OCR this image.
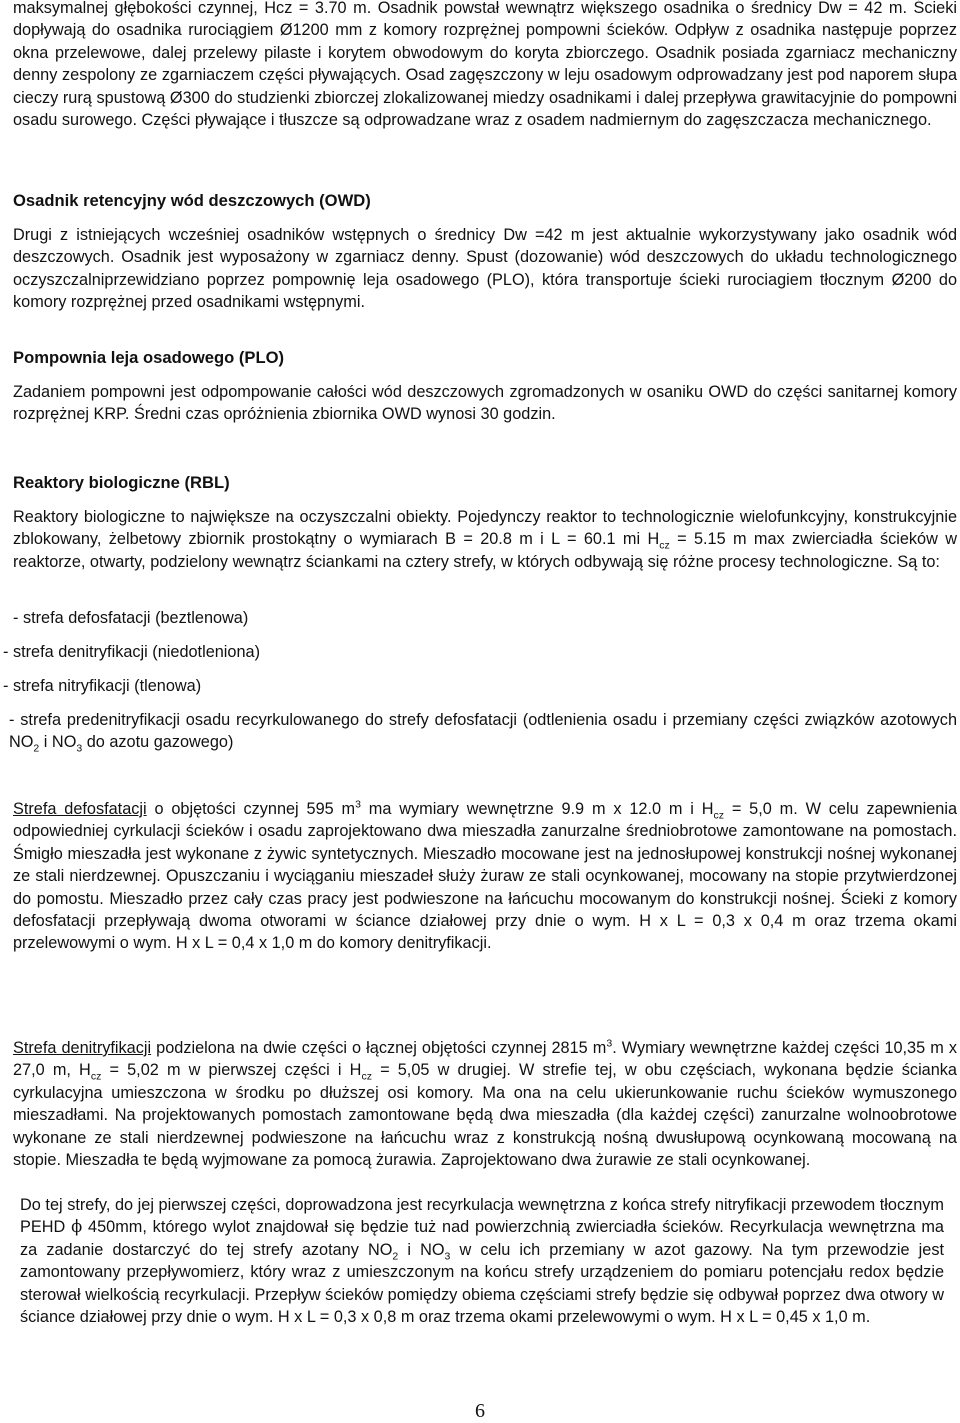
maksymalnej głębokości czynnej, Hcz = 3.70 m. Osadnik powstał wewnątrz większego osadnika o średnicy Dw = 42 m. Ścieki dopływają do osadnika rurociągiem Ø1200 mm z komory rozprężnej pompowni ścieków. Odpływ z osadnika następuje poprzez okna przelewowe, dalej przelewy pilaste i korytem obwodowym do koryta zbiorczego. Osadnik posiada zgarniacz mechaniczny denny zespolony ze zgarniaczem części pływających. Osad zagęszczony w leju osadowym odprowadzany jest pod naporem słupa cieczy rurą spustową Ø300 do studzienki zbiorczej zlokalizowanej miedzy osadnikami i dalej przepływa grawitacyjnie do pompowni osadu surowego. Części pływające i tłuszcze są odprowadzane wraz z osadem nadmiernym do zagęszczacza mechanicznego.

Osadnik retencyjny wód deszczowych (OWD)

Drugi z istniejących wcześniej osadników wstępnych o średnicy Dw =42 m jest aktualnie wykorzystywany jako osadnik wód deszczowych. Osadnik jest wyposażony w zgarniacz denny. Spust (dozowanie) wód deszczowych do układu technologicznego oczyszczalniprzewidziano poprzez pompownię leja osadowego (PLO), która transportuje ścieki rurociagiem tłocznym Ø200 do komory rozprężnej przed osadnikami wstępnymi.

Pompownia leja osadowego (PLO)

Zadaniem pompowni jest odpompowanie całości wód deszczowych zgromadzonych w osaniku OWD do części sanitarnej komory rozprężnej KRP. Średni czas opróżnienia zbiornika OWD wynosi 30 godzin.

Reaktory biologiczne (RBL)

Reaktory biologiczne to największe na oczyszczalni obiekty. Pojedynczy reaktor to technologicznie wielofunkcyjny, konstrukcyjnie zblokowany, żelbetowy zbiornik prostokątny o wymiarach B = 20.8 m i L = 60.1 mi $H_{cz} = 5.15$ m max zwierciadła ścieków w reaktorze, otwarty, podzielony wewnątrz ściankami na cztery strefy, w których odbywają się różne procesy technologiczne. Są to:

- strefa defosfatacji (beztlenowa)

- strefa denitryfikacji (niedotleniona)

- strefa nitryfikacji (tlenowa)

- strefa predenitryfikacji osadu recyrkulowanego do strefy defosfatacji (odtlenienia osadu i przemiany części związków azotowych $NO_2$ i $NO_3$ do azotu gazowego)

Strefa defosfatacji o objętości czynnej 595 $m^3$ ma wymiary wewnętrzne 9.9 m x 12.0 m i $H_{cz} = 5,0$ m. W celu zapewnienia odpowiedniej cyrkulacji ścieków i osadu zaprojektowano dwa mieszadła zanurzalne średniobrotowe zamontowane na pomostach. Śmigło mieszadła jest wykonane z żywic syntetycznych. Mieszadło mocowane jest na jednosłupowej konstrukcji nośnej wykonanej ze stali nierdzewnej. Opuszczaniu i wyciąganiu mieszadeł służy żuraw ze stali ocynkowanej, mocowany na stopie przytwierdzonej do pomostu. Mieszadło przez cały czas pracy jest podwieszone na łańcuchu mocowanym do konstrukcji nośnej. Ścieki z komory defosfatacji przepływają dwoma otworami w ściance działowej przy dnie o wym. H x L = 0,3 x 0,4 m oraz trzema okami przelewowymi o wym. H x L = 0,4 x 1,0 m do komory denitryfikacji.

Strefa denitryfikacji podzielona na dwie części o łącznej objętości czynnej 2815 $m^3$. Wymiary wewnętrzne każdej części 10,35 m x 27,0 m, $H_{cz} = 5,02$ m w pierwszej części i $H_{cz} = 5,05$ w drugiej. W strefie tej, w obu częściach, wykonana będzie ścianka cyrkulacyjna umieszczona w środku po dłuższej osi komory. Ma ona na celu ukierunkowanie ruchu ścieków wymuszonego mieszadłami. Na projektowanych pomostach zamontowane będą dwa mieszadła (dla każdej części) zanurzalne wolnoobrotowe wykonane ze stali nierdzewnej podwieszone na łańcuchu wraz z konstrukcją nośną dwusłupową ocynkowaną mocowaną na stopie. Mieszadła te będą wyjmowane za pomocą żurawia. Zaprojektowano dwa żurawie ze stali ocynkowanej.

Do tej strefy, do jej pierwszej części, doprowadzona jest recyrkulacja wewnętrzna z końca strefy nitryfikacji przewodem tłocznym PEHD ϕ 450mm, którego wylot znajdował się będzie tuż nad powierzchnią zwierciadła ścieków. Recyrkulacja wewnętrzna ma za zadanie dostarczyć do tej strefy azotany $NO_2$ i $NO_3$ w celu ich przemiany w azot gazowy. Na tym przewodzie jest zamontowany przepływomierz, który wraz z umieszczonym na końcu strefy urządzeniem do pomiaru potencjału redox będzie sterował wielkością recyrkulacji. Przepływ ścieków pomiędzy obiema częściami strefy będzie się odbywał poprzez dwa otwory w ściance działowej przy dnie o wym. H x L = 0,3 x 0,8 m oraz trzema okami przelewowymi o wym. H x L = 0,45 x 1,0 m.

6
